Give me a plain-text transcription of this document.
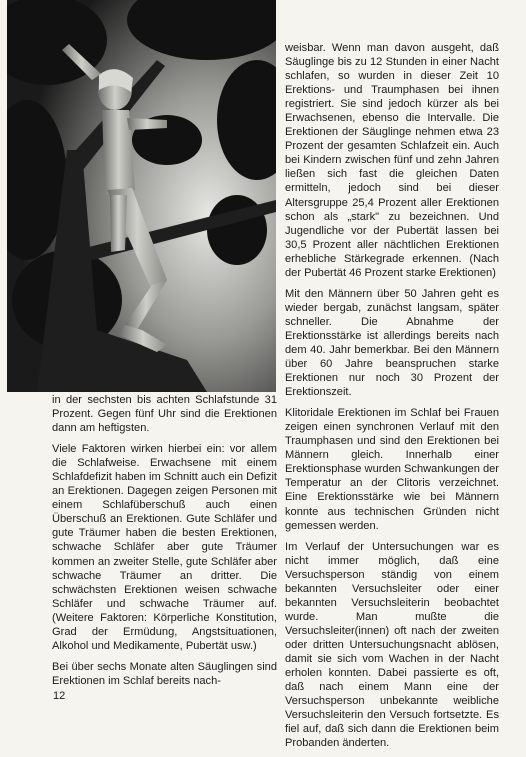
in der sechsten bis achten Schlafstunde 31 Prozent. Gegen fünf Uhr sind die Erektionen dann am heftigsten.

Viele Faktoren wirken hierbei ein: vor allem die Schlafweise. Erwachsene mit einem Schlafdefizit haben im Schnitt auch ein Defizit an Erektionen. Dagegen zeigen Personen mit einem Schlafüberschuß auch einen Überschuß an Erektionen. Gute Schläfer und gute Träumer haben die besten Erektionen, schwache Schläfer aber gute Träumer kommen an zweiter Stelle, gute Schläfer aber schwache Träumer an dritter. Die schwächsten Erektionen weisen schwache Schläfer und schwache Träumer auf. (Weitere Faktoren: Körperliche Konstitution, Grad der Ermüdung, Angstsituationen, Alkohol und Medikamente, Pubertät usw.)

Bei über sechs Monate alten Säuglingen sind Erektionen im Schlaf bereits nach-

weisbar. Wenn man davon ausgeht, daß Säuglinge bis zu 12 Stunden in einer Nacht schlafen, so wurden in dieser Zeit 10 Erektions- und Traumphasen bei ihnen registriert. Sie sind jedoch kürzer als bei Erwachsenen, ebenso die Intervalle. Die Erektionen der Säuglinge nehmen etwa 23 Prozent der gesamten Schlafzeit ein. Auch bei Kindern zwischen fünf und zehn Jahren ließen sich fast die gleichen Daten ermitteln, jedoch sind bei dieser Altersgruppe 25,4 Prozent aller Erektionen schon als „stark" zu bezeichnen. Und Jugendliche vor der Pubertät lassen bei 30,5 Prozent aller nächtlichen Erektionen erhebliche Stärkegrade erkennen. (Nach der Pubertät 46 Prozent starke Erektionen)

Mit den Männern über 50 Jahren geht es wieder bergab, zunächst langsam, später schneller. Die Abnahme der Erektionsstärke ist allerdings bereits nach dem 40. Jahr bemerkbar. Bei den Männern über 60 Jahre beanspruchen starke Erektionen nur noch 30 Prozent der Erektionszeit.

Klitoridale Erektionen im Schlaf bei Frauen zeigen einen synchronen Verlauf mit den Traumphasen und sind den Erektionen bei Männern gleich. Innerhalb einer Erektionsphase wurden Schwankungen der Temperatur an der Clitoris verzeichnet. Eine Erektionsstärke wie bei Männern konnte aus technischen Gründen nicht gemessen werden.

Im Verlauf der Untersuchungen war es nicht immer möglich, daß eine Versuchsperson ständig von einem bekannten Versuchsleiter oder einer bekannten Versuchsleiterin beobachtet wurde. Man mußte die Versuchsleiter(innen) oft nach der zweiten oder dritten Untersuchungsnacht ablösen, damit sie sich vom Wachen in der Nacht erholen konnten. Dabei passierte es oft, daß nach einem Mann eine der Versuchsperson unbekannte weibliche Versuchsleiterin den Versuch fortsetzte. Es fiel auf, daß sich dann die Erektionen beim Probanden änderten.

12
